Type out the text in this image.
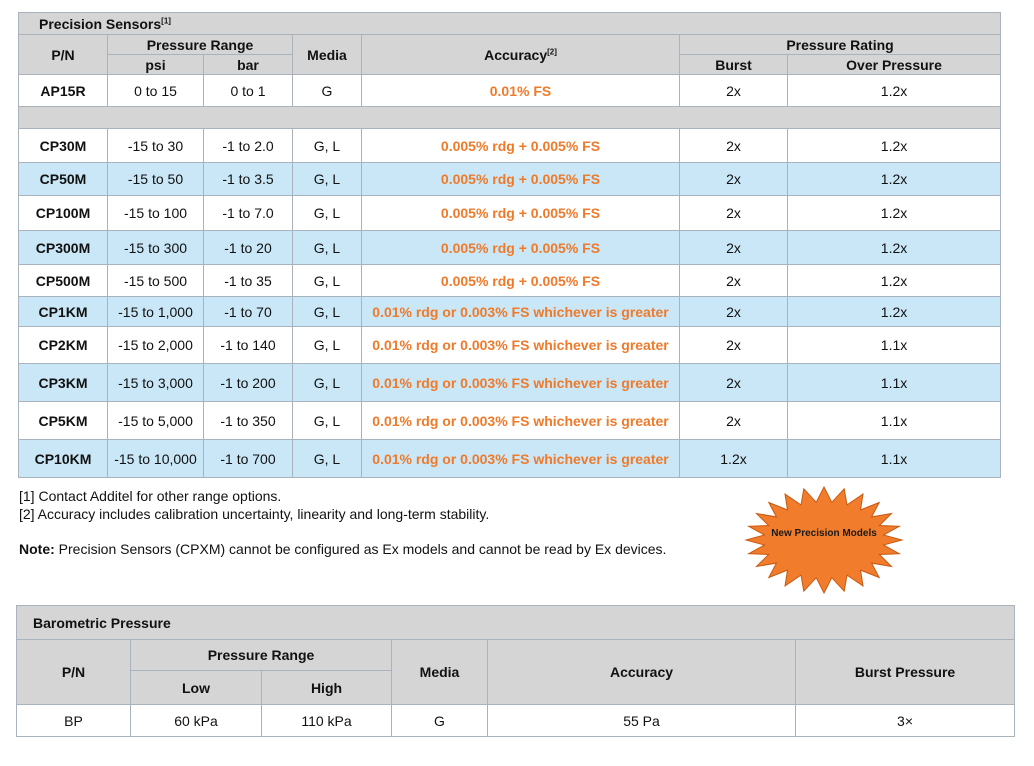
Precision Sensors[1]
P/N	Pressure Range		Media	Accuracy[2]	Pressure Rating	
	psi	bar			Burst	Over Pressure
AP15R	0 to 15	0 to 1	G	0.01% FS	2x	1.2x

CP30M	-15 to 30	-1 to 2.0	G, L	0.005% rdg + 0.005% FS	2x	1.2x
CP50M	-15 to 50	-1 to 3.5	G, L	0.005% rdg + 0.005% FS	2x	1.2x
CP100M	-15 to 100	-1 to 7.0	G, L	0.005% rdg + 0.005% FS	2x	1.2x
CP300M	-15 to 300	-1 to 20	G, L	0.005% rdg + 0.005% FS	2x	1.2x
CP500M	-15 to 500	-1 to 35	G, L	0.005% rdg + 0.005% FS	2x	1.2x
CP1KM	-15 to 1,000	-1 to 70	G, L	0.01% rdg or 0.003% FS whichever is greater	2x	1.2x
CP2KM	-15 to 2,000	-1 to 140	G, L	0.01% rdg or 0.003% FS whichever is greater	2x	1.1x
CP3KM	-15 to 3,000	-1 to 200	G, L	0.01% rdg or 0.003% FS whichever is greater	2x	1.1x
CP5KM	-15 to 5,000	-1 to 350	G, L	0.01% rdg or 0.003% FS whichever is greater	2x	1.1x
CP10KM	-15 to 10,000	-1 to 700	G, L	0.01% rdg or 0.003% FS whichever is greater	1.2x	1.1x
[1] Contact Additel for other range options.
[2] Accuracy includes calibration uncertainty, linearity and long-term stability.
Note: Precision Sensors (CPXM) cannot be configured as Ex models and cannot be read by Ex devices.
New Precision Models
Barometric Pressure					
P/N	Pressure Range		Media	Accuracy	Burst Pressure
	Low	High			
BP	60 kPa	110 kPa	G	55 Pa	3×
